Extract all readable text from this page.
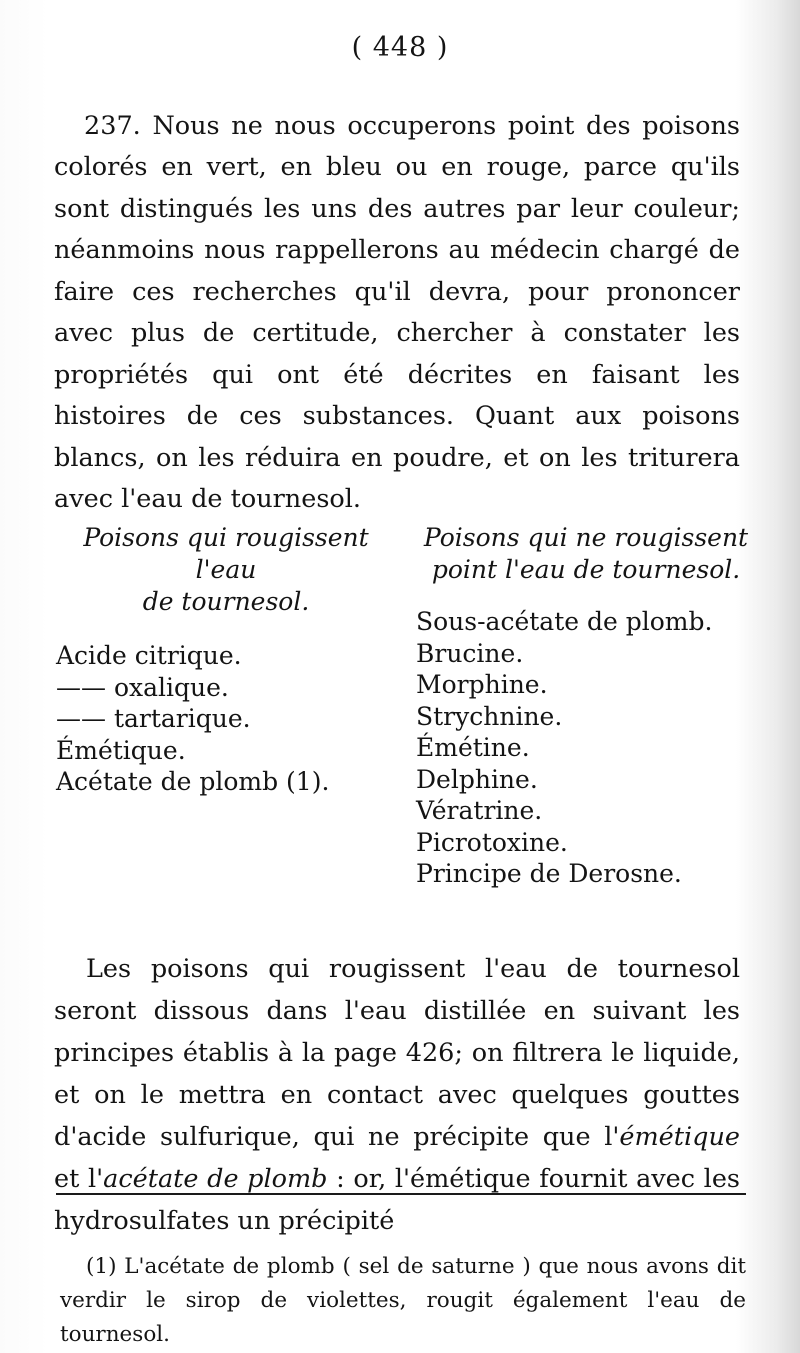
( 448 )

237. Nous ne nous occuperons point des poisons colorés en vert, en bleu ou en rouge, parce qu'ils sont distingués les uns des autres par leur couleur; néanmoins nous rappellerons au médecin chargé de faire ces recherches qu'il devra, pour prononcer avec plus de certitude, chercher à constater les propriétés qui ont été décrites en faisant les histoires de ces substances. Quant aux poisons blancs, on les réduira en poudre, et on les triturera avec l'eau de tournesol.

Poisons qui rougissent l'eau
de tournesol.

Acide citrique.
—— oxalique.
—— tartarique.
Émétique.
Acétate de plomb (1).

Poisons qui ne rougissent
point l'eau de tournesol.

Sous-acétate de plomb.
Brucine.
Morphine.
Strychnine.
Émétine.
Delphine.
Vératrine.
Picrotoxine.
Principe de Derosne.

Les poisons qui rougissent l'eau de tournesol seront dissous dans l'eau distillée en suivant les principes établis à la page 426; on filtrera le liquide, et on le mettra en contact avec quelques gouttes d'acide sulfurique, qui ne précipite que l'émétique et l'acétate de plomb : or, l'émétique fournit avec les hydrosulfates un précipité

(1) L'acétate de plomb ( sel de saturne ) que nous avons dit verdir le sirop de violettes, rougit également l'eau de tournesol.
